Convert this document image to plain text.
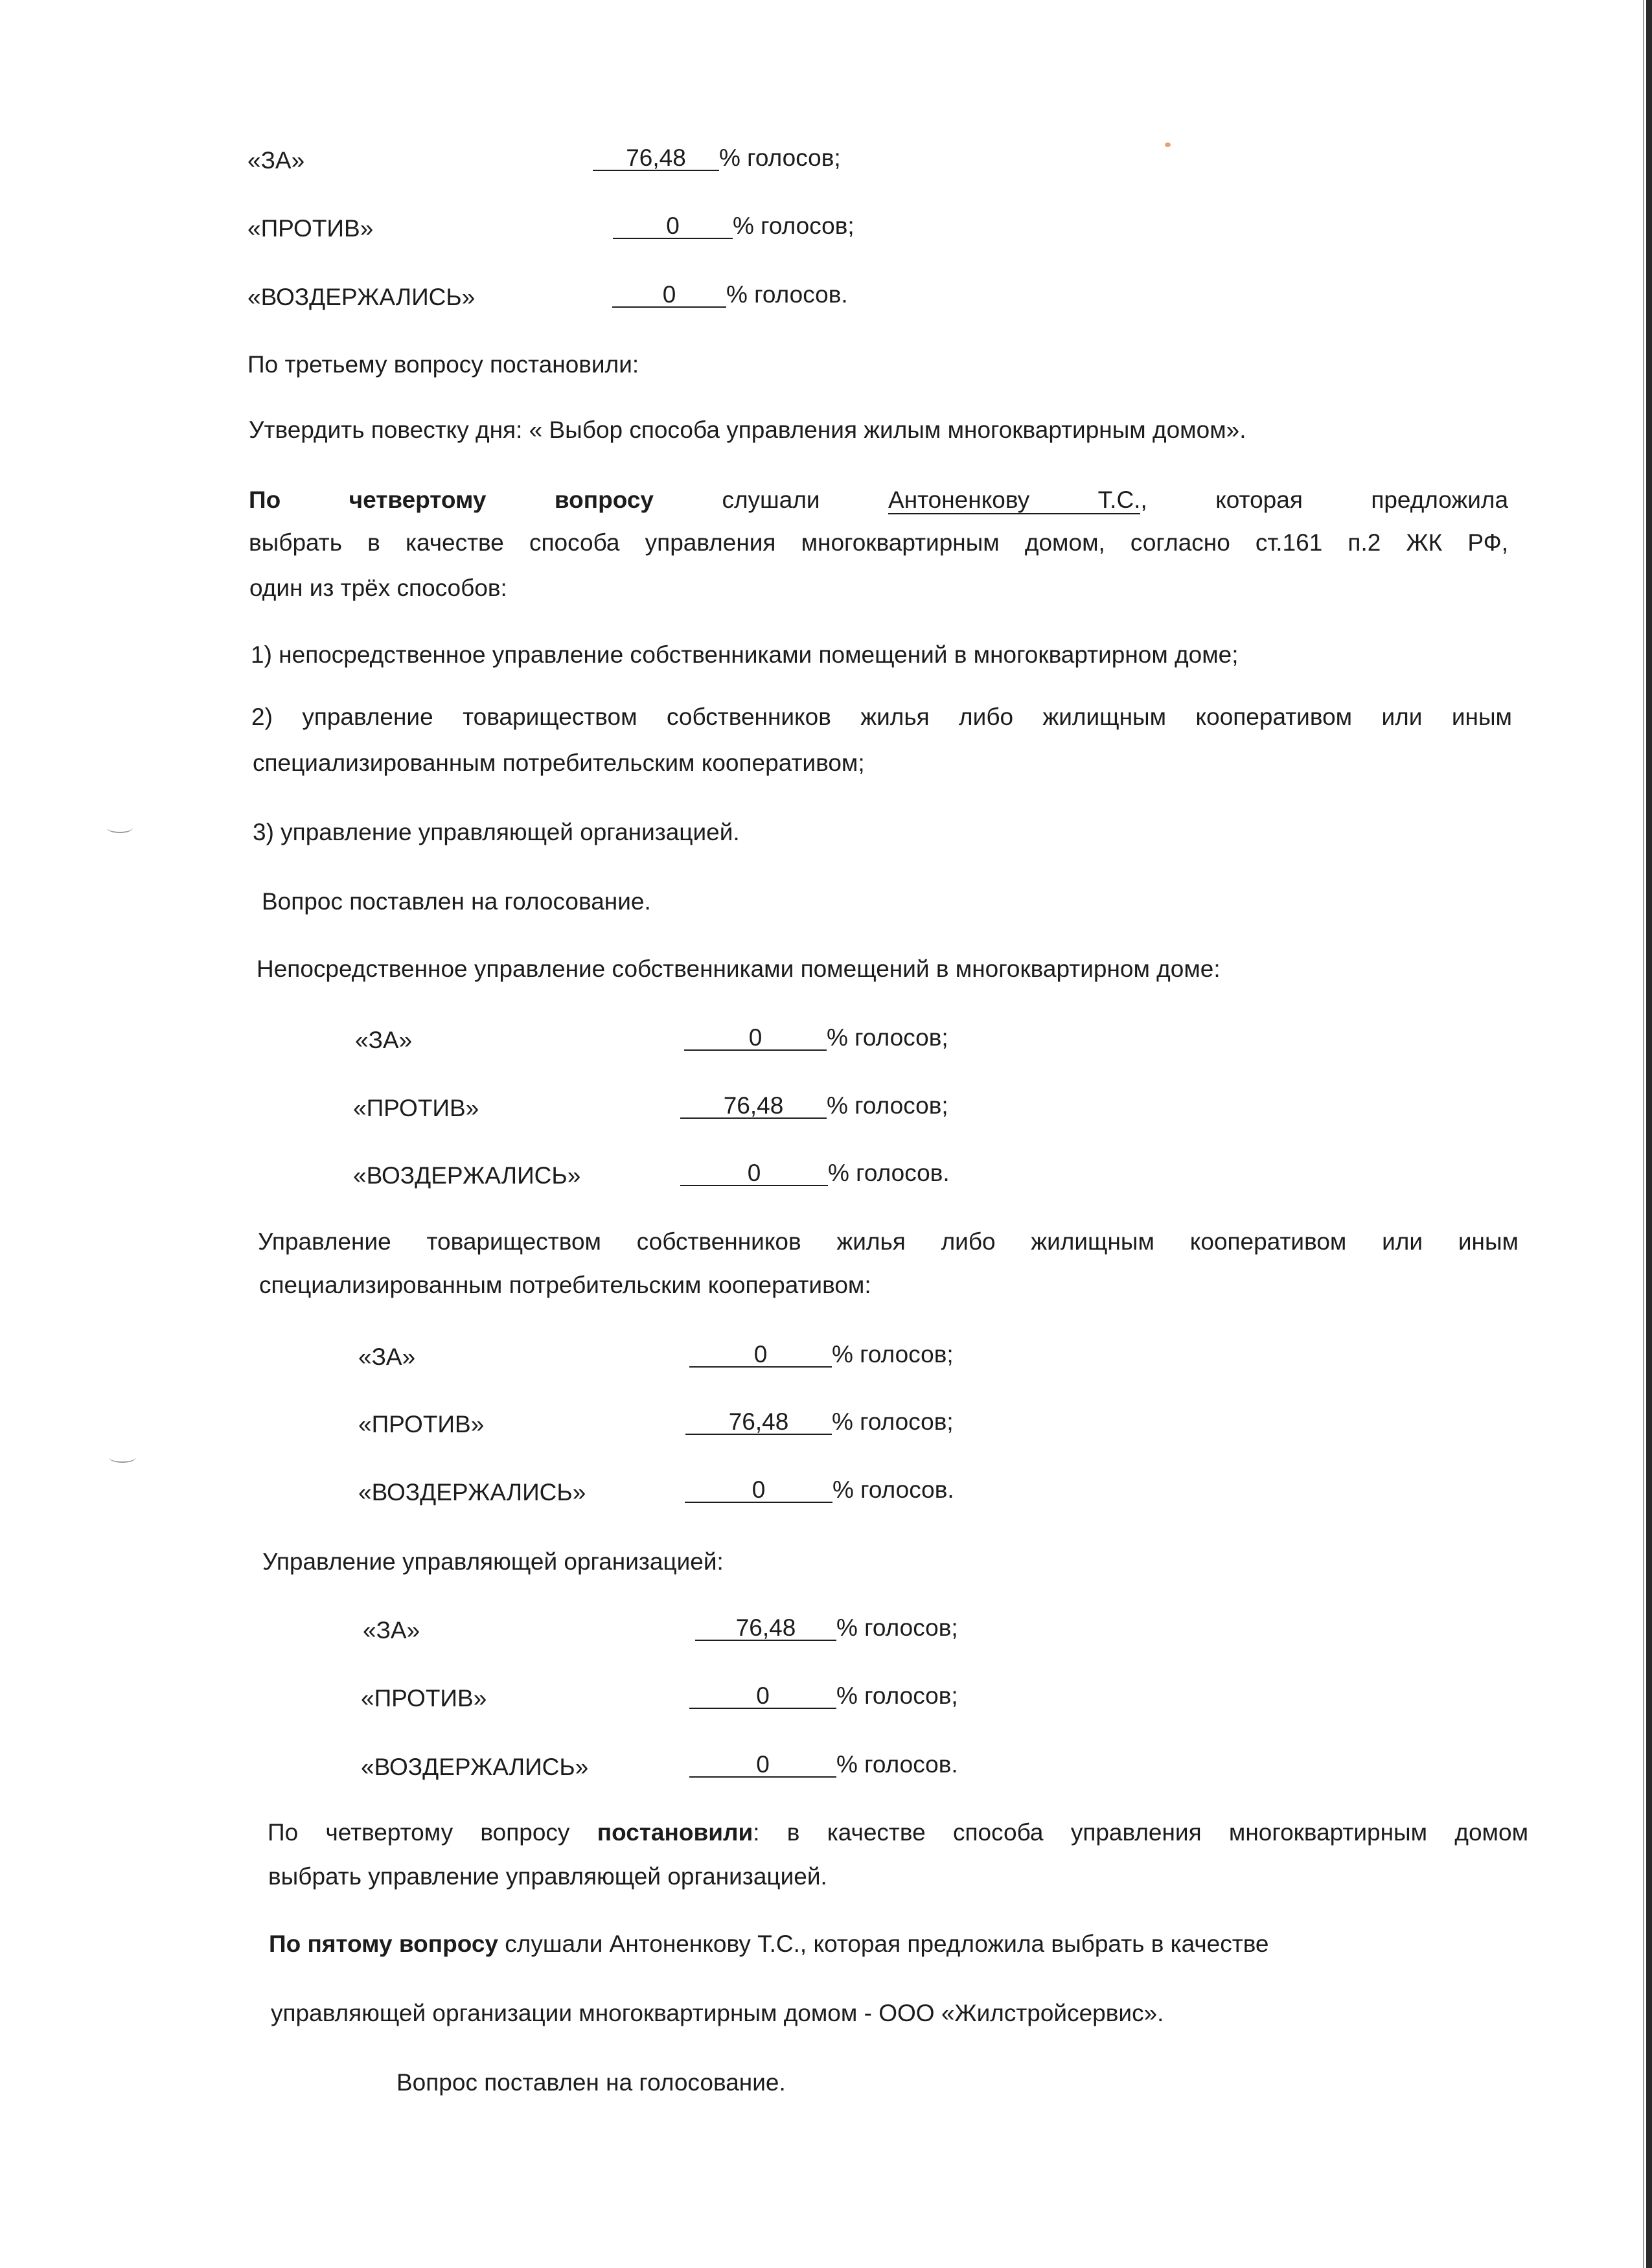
«ЗА»	76,48 % голосов;
«ПРОТИВ»	0 % голосов;
«ВОЗДЕРЖАЛИСЬ»	0 % голосов.
По третьему вопросу постановили:
Утвердить повестку дня: « Выбор способа управления жилым многоквартирным домом».
По четвертому вопросу	слушали	Антоненкову Т.С.,	которая	предложила
выбрать в качестве способа управления многоквартирным домом, согласно ст.161 п.2 ЖК РФ,
один из трёх способов:
1) непосредственное управление собственниками помещений в многоквартирном доме;
2) управление товариществом собственников жилья либо жилищным кооперативом или иным
специализированным потребительским кооперативом;
3) управление управляющей организацией.
Вопрос поставлен на голосование.
Непосредственное управление собственниками помещений в многоквартирном доме:
«ЗА»	0	% голосов;
«ПРОТИВ»	76,48 % голосов;
«ВОЗДЕРЖАЛИСЬ»	0	% голосов.
Управление товариществом собственников жилья либо жилищным кооперативом или иным
специализированным потребительским кооперативом:
«ЗА»	0	% голосов;
«ПРОТИВ»	76,48 % голосов;
«ВОЗДЕРЖАЛИСЬ»	0	% голосов.
Управление управляющей организацией:
«ЗА»	76,48 % голосов;
«ПРОТИВ»	0	% голосов;
«ВОЗДЕРЖАЛИСЬ»	0	% голосов.
По четвертому вопросу постановили: в качестве способа управления многоквартирным домом
выбрать управление управляющей организацией.
По пятому вопросу слушали Антоненкову Т.С., которая предложила выбрать в качестве
управляющей организации многоквартирным домом - ООО «Жилстройсервис».
Вопрос поставлен на голосование.
